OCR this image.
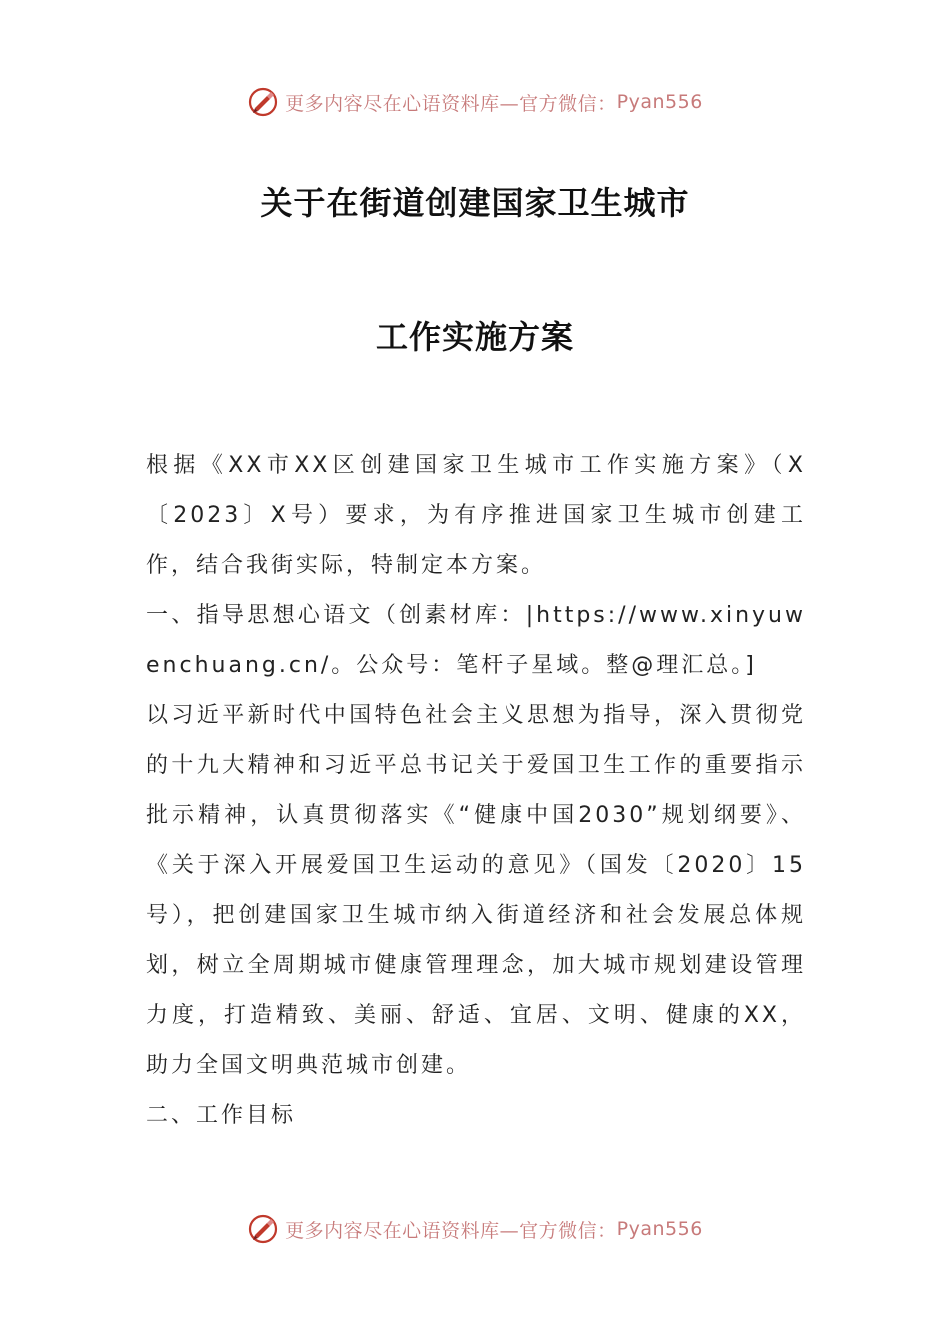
更多内容尽在心语资料库—官方微信： Pyan556
关于在街道创建国家卫生城市
工作实施方案

根据《XX市XX区创建国家卫生城市工作实施方案》（X〔2023〕X号）要求，为有序推进国家卫生城市创建工作，结合我街实际，特制定本方案。

一、指导思想心语文（创素材库：|https://www.xinyuwenchuang.cn/。公众号：笔杆子星域。整@理汇总。]

以习近平新时代中国特色社会主义思想为指导，深入贯彻党的十九大精神和习近平总书记关于爱国卫生工作的重要指示批示精神，认真贯彻落实《“健康中国2030”规划纲要》、《关于深入开展爱国卫生运动的意见》（国发〔2020〕15号），把创建国家卫生城市纳入街道经济和社会发展总体规划，树立全周期城市健康管理理念，加大城市规划建设管理力度，打造精致、美丽、舒适、宜居、文明、健康的XX，助力全国文明典范城市创建。

二、工作目标

更多内容尽在心语资料库—官方微信： Pyan556
